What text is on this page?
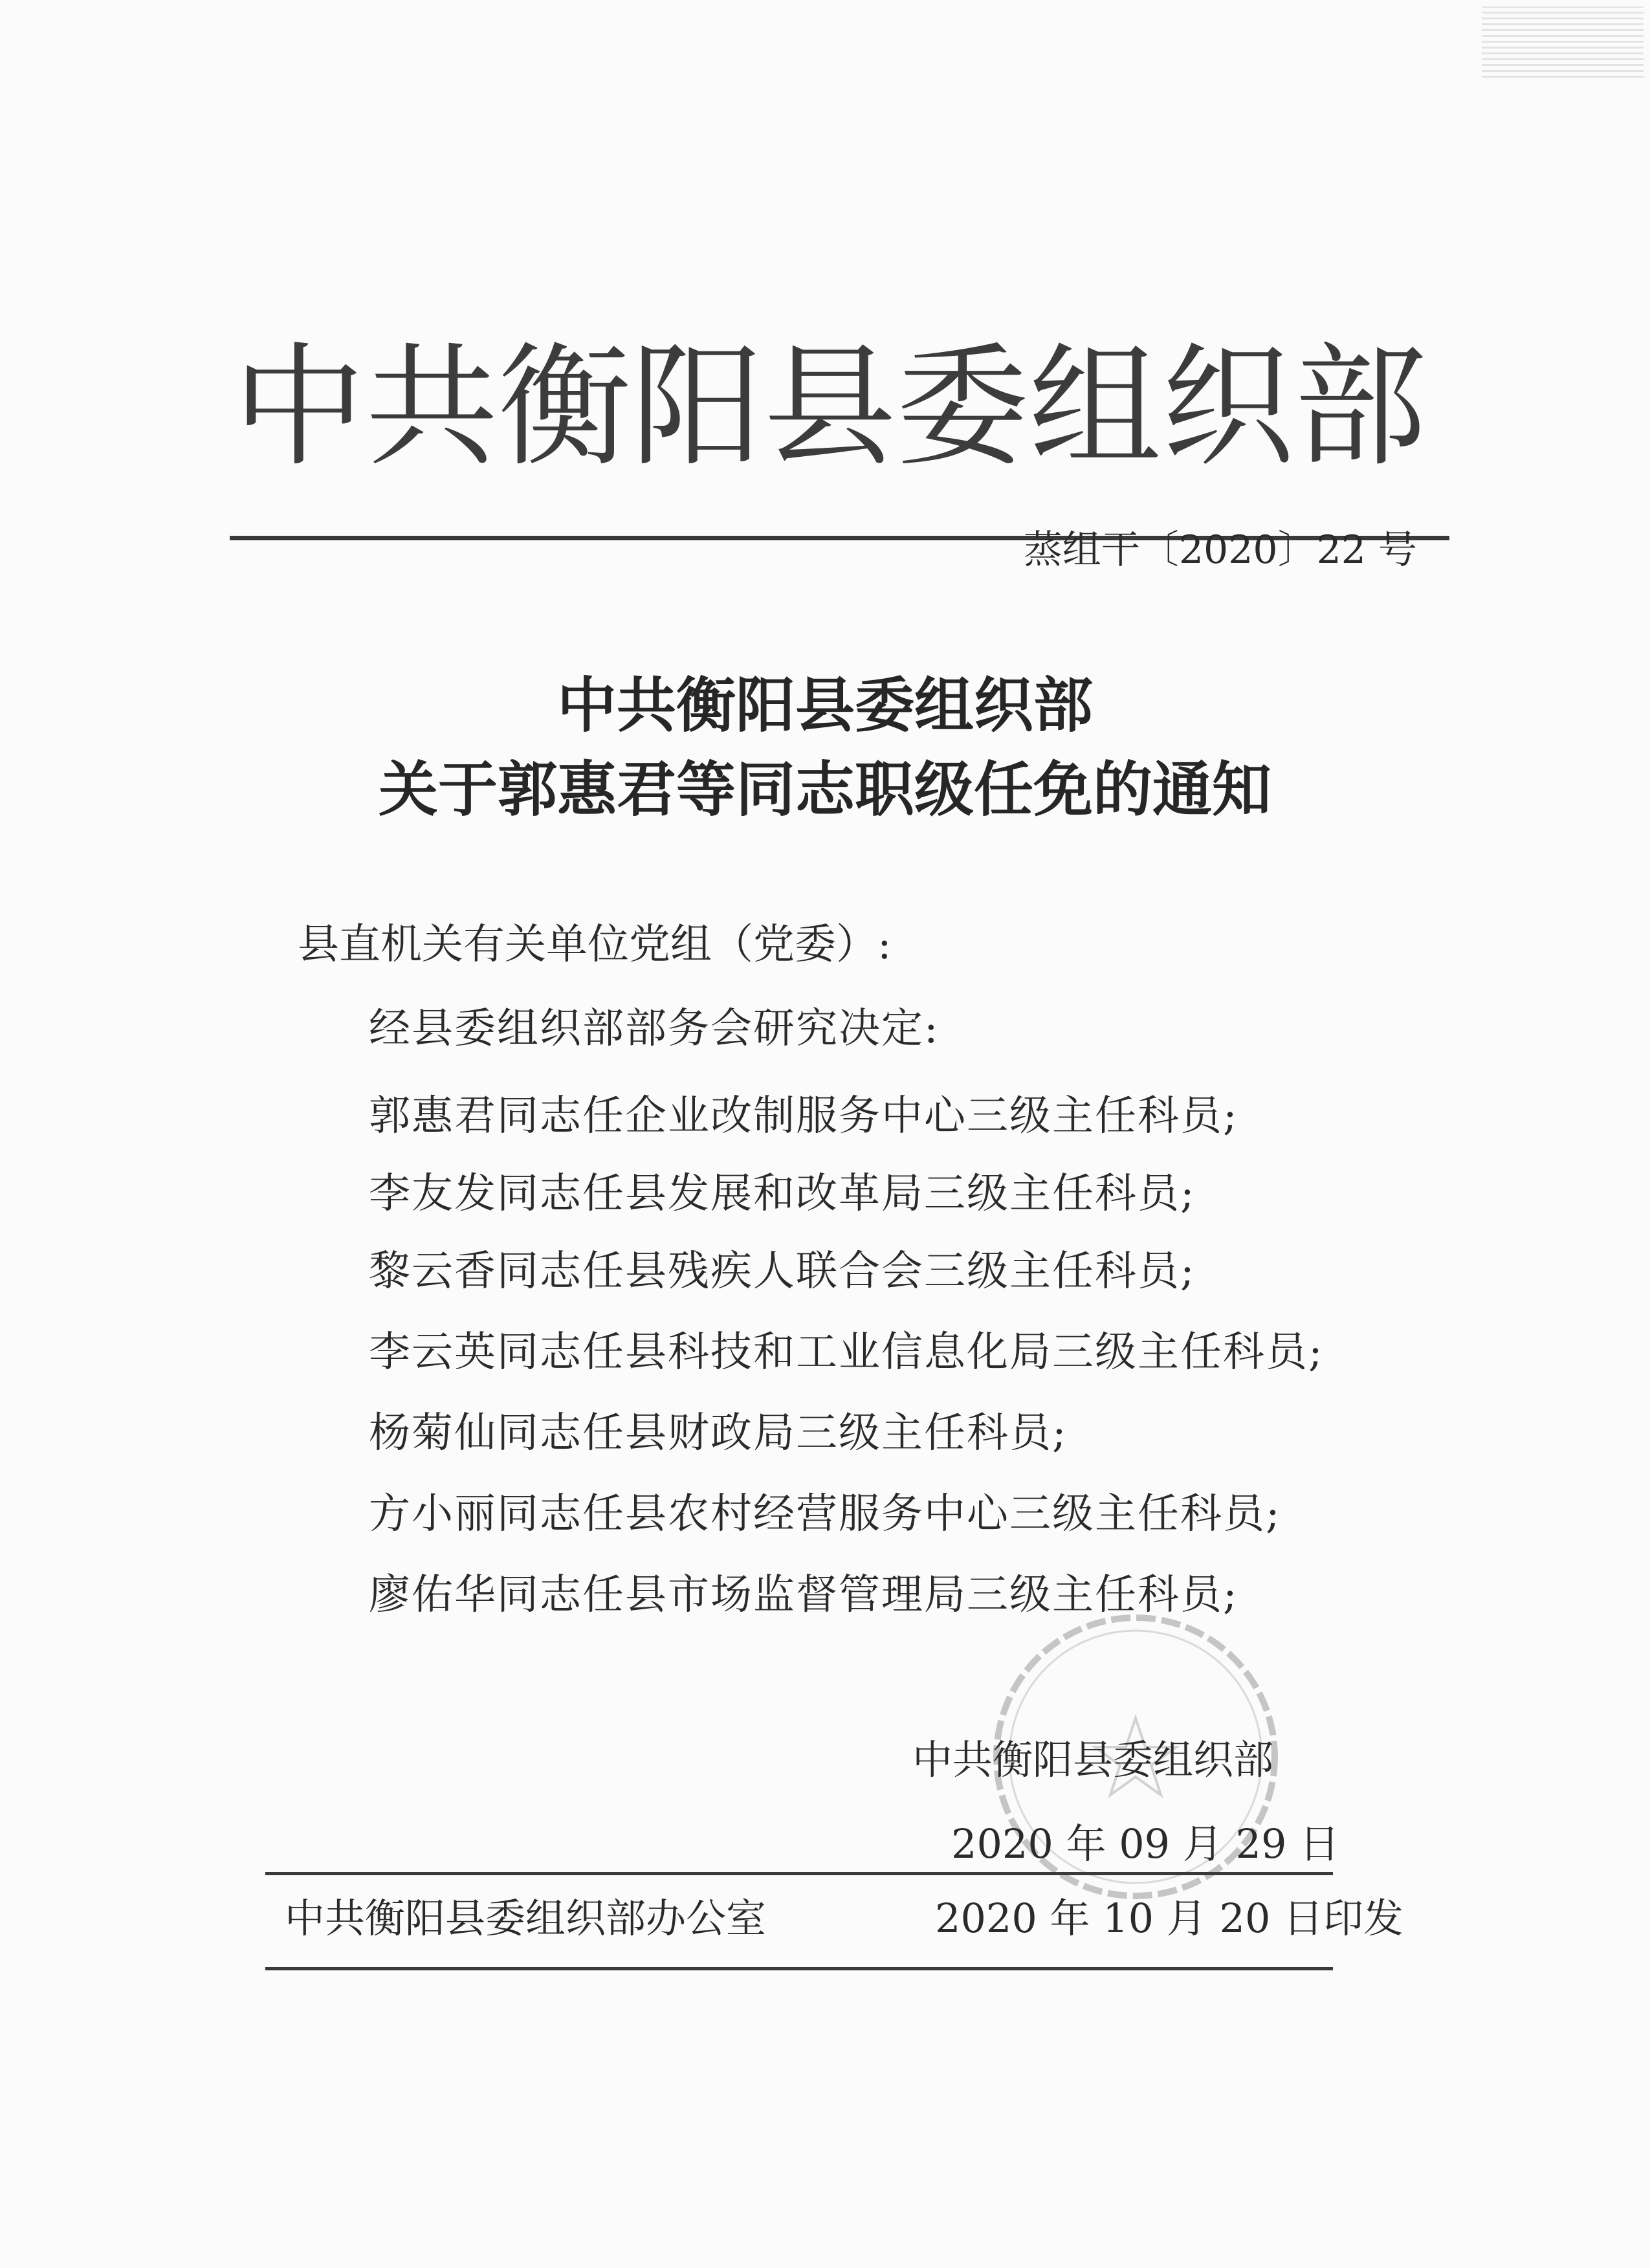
中 共 衡 阳 县 委 组 织 部
蒸组干〔2020〕22 号
中共衡阳县委组织部
关于郭惠君等同志职级任免的通知
县直机关有关单位党组（党委）:
经县委组织部部务会研究决定:
郭惠君同志任企业改制服务中心三级主任科员;
李友发同志任县发展和改革局三级主任科员;
黎云香同志任县残疾人联合会三级主任科员;
李云英同志任县科技和工业信息化局三级主任科员;
杨菊仙同志任县财政局三级主任科员;
方小丽同志任县农村经营服务中心三级主任科员;
廖佑华同志任县市场监督管理局三级主任科员;
中共衡阳县委组织部
2020 年 09 月 29 日
中共衡阳县委组织部办公室	2020 年 10 月 20 日印发
